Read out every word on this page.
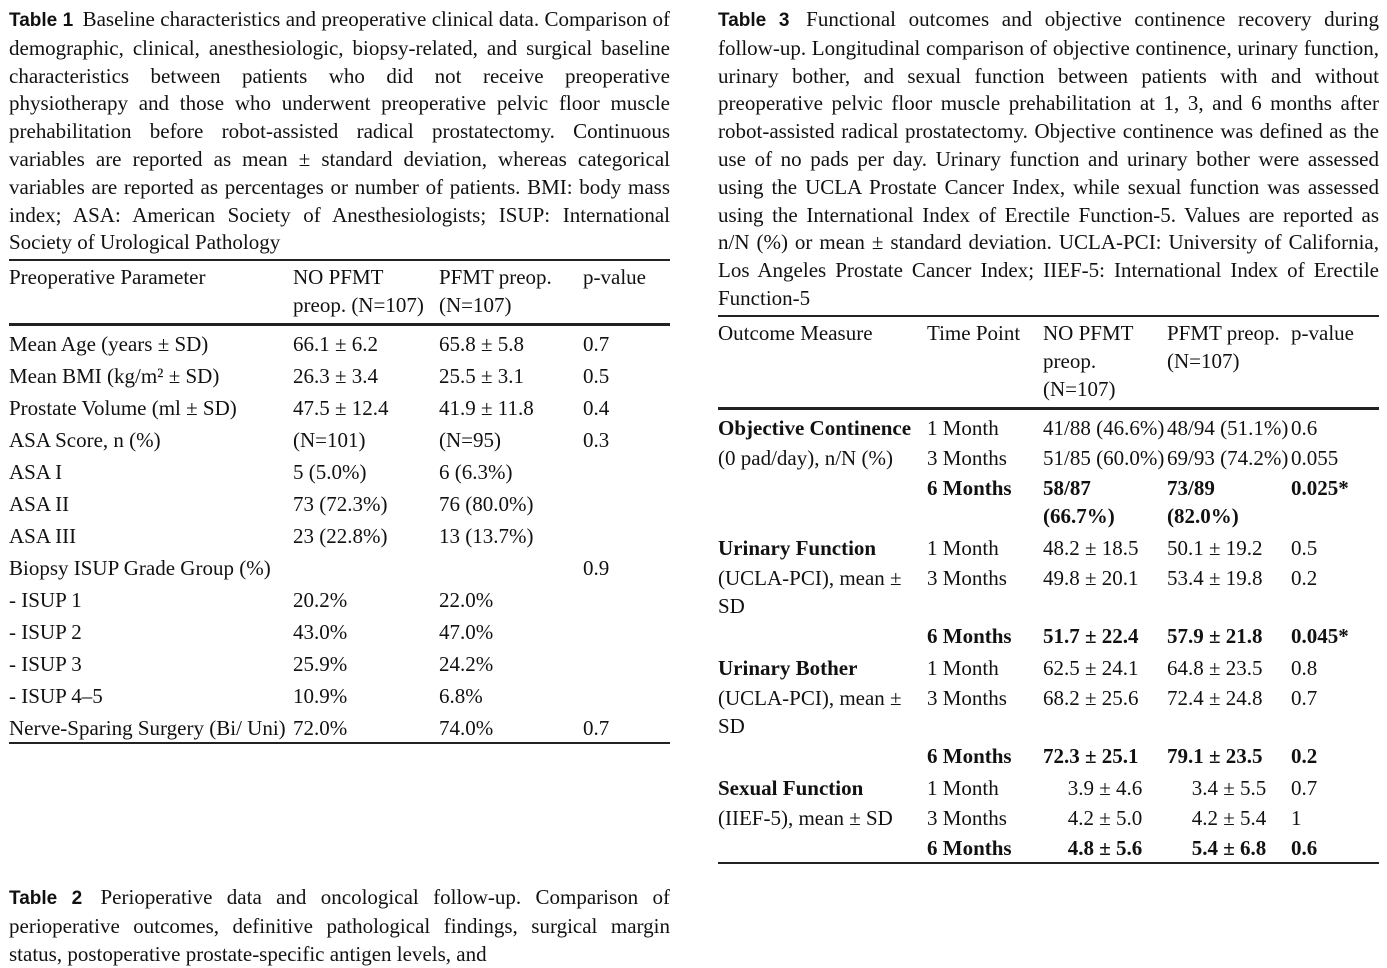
Table 1 Baseline characteristics and preoperative clinical data. Comparison of demographic, clinical, anesthesiologic, biopsy-related, and surgical baseline characteristics between patients who did not receive preoperative physiotherapy and those who underwent preoperative pelvic floor muscle prehabilitation before robot-assisted radical prostatectomy. Continuous variables are reported as mean ± standard deviation, whereas categorical variables are reported as percentages or number of patients. BMI: body mass index; ASA: American Society of Anesthesiologists; ISUP: International Society of Urological Pathology

Preoperative Parameter	NO PFMT preop. (N=107)	PFMT preop. (N=107)	p-value
Mean Age (years ± SD)	66.1 ± 6.2	65.8 ± 5.8	0.7
Mean BMI (kg/m² ± SD)	26.3 ± 3.4	25.5 ± 3.1	0.5
Prostate Volume (ml ± SD)	47.5 ± 12.4	41.9 ± 11.8	0.4
ASA Score, n (%)	(N=101)	(N=95)	0.3
ASA I	5 (5.0%)	6 (6.3%)	
ASA II	73 (72.3%)	76 (80.0%)	
ASA III	23 (22.8%)	13 (13.7%)	
Biopsy ISUP Grade Group (%)			0.9
- ISUP 1	20.2%	22.0%	
- ISUP 2	43.0%	47.0%	
- ISUP 3	25.9%	24.2%	
- ISUP 4–5	10.9%	6.8%	
Nerve-Sparing Surgery (Bi/ Uni)	72.0%	74.0%	0.7

Table 2 Perioperative data and oncological follow-up. Comparison of perioperative outcomes, definitive pathological findings, surgical margin status, postoperative prostate-specific antigen levels, and

Table 3 Functional outcomes and objective continence recovery during follow-up. Longitudinal comparison of objective continence, urinary function, urinary bother, and sexual function between patients with and without preoperative pelvic floor muscle prehabilitation at 1, 3, and 6 months after robot-assisted radical prostatectomy. Objective continence was defined as the use of no pads per day. Urinary function and urinary bother were assessed using the UCLA Prostate Cancer Index, while sexual function was assessed using the International Index of Erectile Function-5. Values are reported as n/N (%) or mean ± standard deviation. UCLA-PCI: University of California, Los Angeles Prostate Cancer Index; IIEF-5: International Index of Erectile Function-5

Outcome Measure	Time Point	NO PFMT preop. (N=107)	PFMT preop. (N=107)	p-value
Objective Continence	1 Month	41/88 (46.6%)	48/94 (51.1%)	0.6
(0 pad/day), n/N (%)	3 Months	51/85 (60.0%)	69/93 (74.2%)	0.055
	6 Months	58/87 (66.7%)	73/89 (82.0%)	0.025*
Urinary Function	1 Month	48.2 ± 18.5	50.1 ± 19.2	0.5
(UCLA-PCI), mean ± SD	3 Months	49.8 ± 20.1	53.4 ± 19.8	0.2
	6 Months	51.7 ± 22.4	57.9 ± 21.8	0.045*
Urinary Bother	1 Month	62.5 ± 24.1	64.8 ± 23.5	0.8
(UCLA-PCI), mean ± SD	3 Months	68.2 ± 25.6	72.4 ± 24.8	0.7
	6 Months	72.3 ± 25.1	79.1 ± 23.5	0.2
Sexual Function	1 Month	3.9 ± 4.6	3.4 ± 5.5	0.7
(IIEF-5), mean ± SD	3 Months	4.2 ± 5.0	4.2 ± 5.4	1
	6 Months	4.8 ± 5.6	5.4 ± 6.8	0.6
